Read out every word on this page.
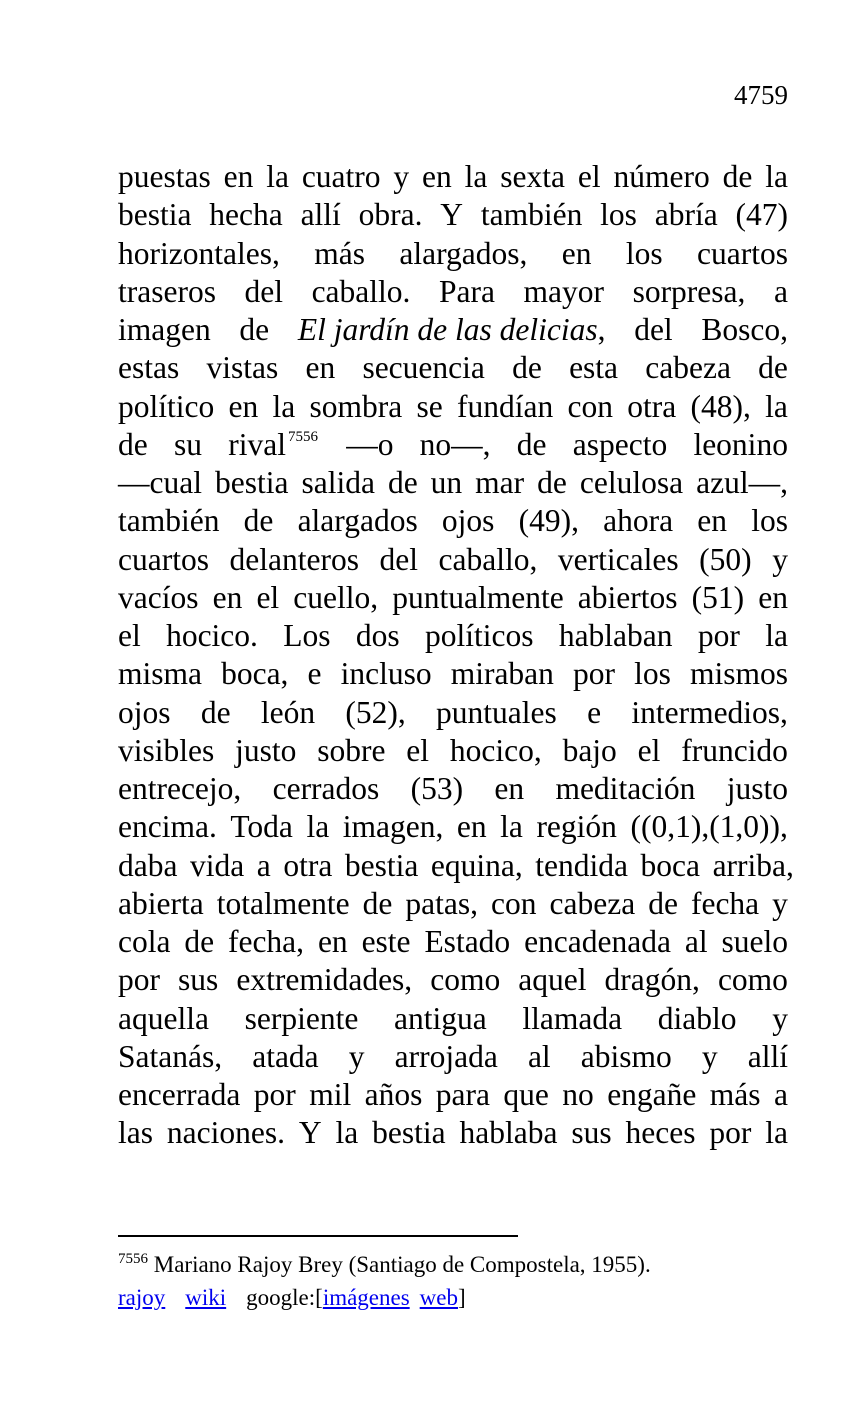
4759
puestas en la cuatro y en la sexta el número de la
bestia hecha allí obra. Y también los abría (47)
horizontales, más alargados, en los cuartos
traseros del caballo. Para mayor sorpresa, a
imagen de El jardín de las delicias, del Bosco,
estas vistas en secuencia de esta cabeza de
político en la sombra se fundían con otra (48), la
de su rival $^{7556}$ —o no—, de aspecto leonino
—cual bestia salida de un mar de celulosa azul—,
también de alargados ojos (49), ahora en los
cuartos delanteros del caballo, verticales (50) y
vacíos en el cuello, puntualmente abiertos (51) en
el hocico. Los dos políticos hablaban por la
misma boca, e incluso miraban por los mismos
ojos de león (52), puntuales e intermedios,
visibles justo sobre el hocico, bajo el fruncido
entrecejo, cerrados (53) en meditación justo
encima. Toda la imagen, en la región ((0,1),(1,0)),
daba vida a otra bestia equina, tendida boca arriba,
abierta totalmente de patas, con cabeza de fecha y
cola de fecha, en este Estado encadenada al suelo
por sus extremidades, como aquel dragón, como
aquella serpiente antigua llamada diablo y
Satanás, atada y arrojada al abismo y allí
encerrada por mil años para que no engañe más a
las naciones. Y la bestia hablaba sus heces por la
$^{7556}$ Mariano Rajoy Brey (Santiago de Compostela, 1955).
rajoy wiki google:[imágenes web]
